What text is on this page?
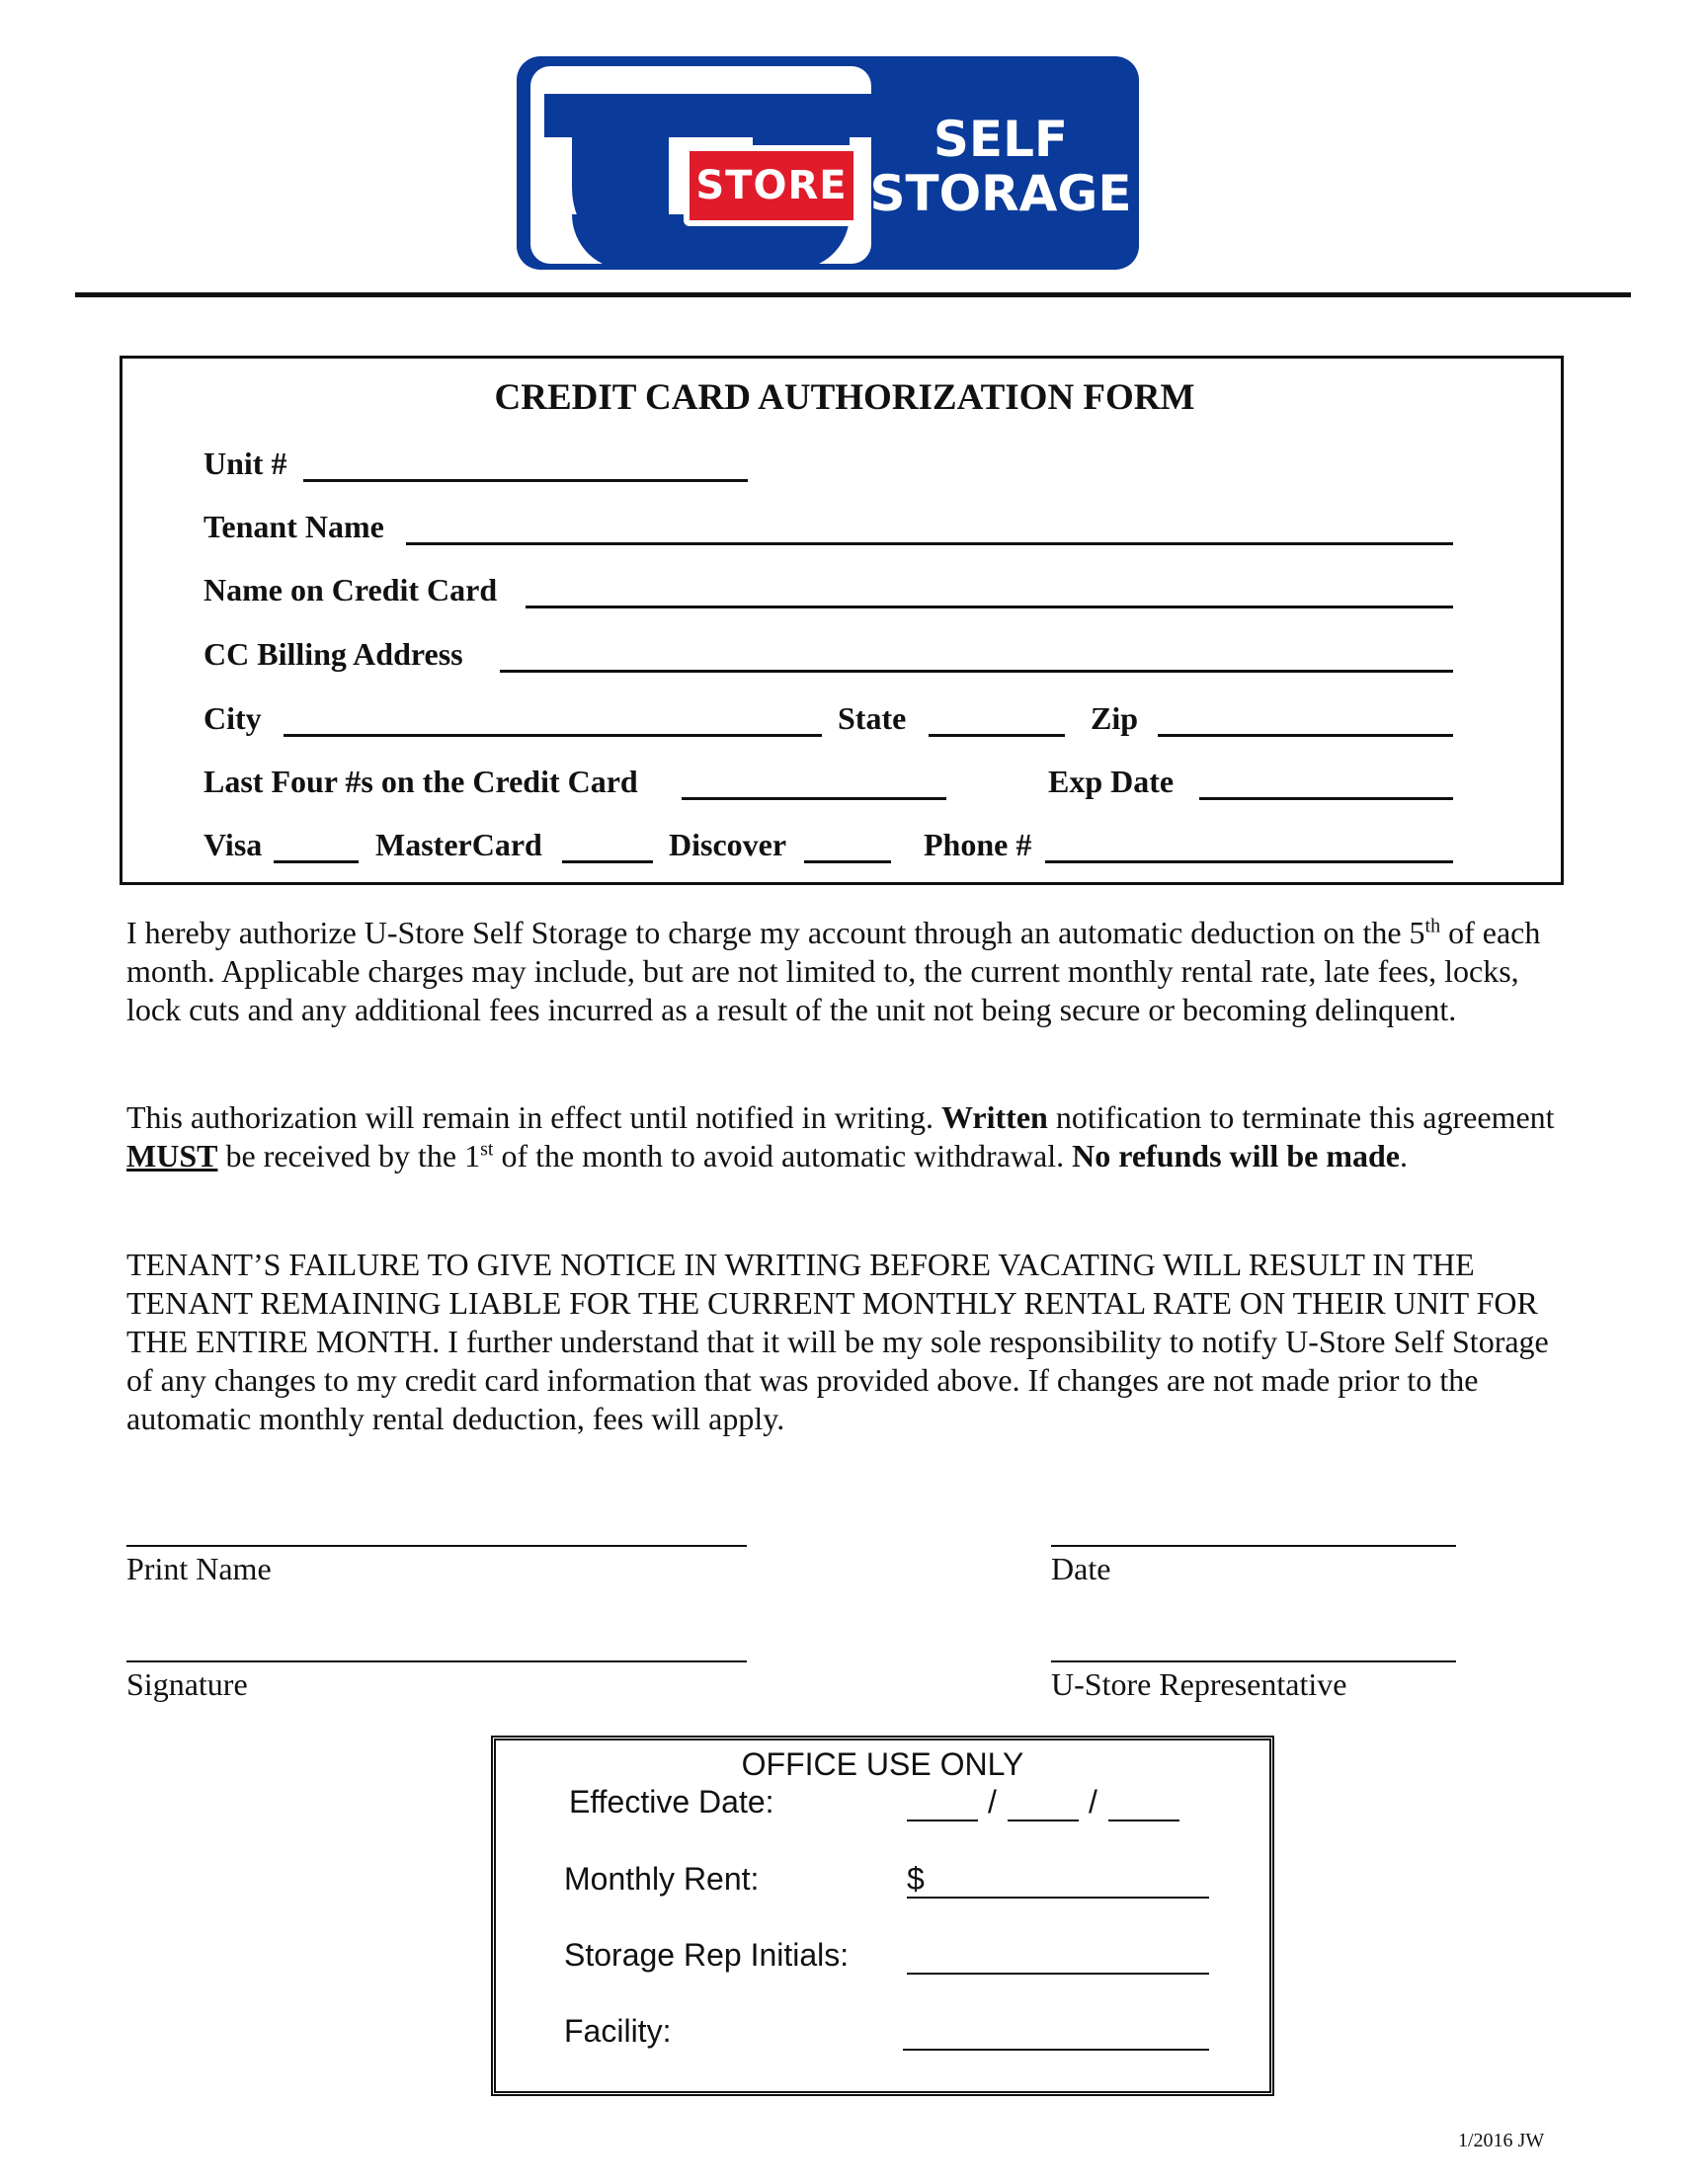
STORE
SELF
STORAGE
CREDIT CARD AUTHORIZATION FORM
Unit #
Tenant Name
Name on Credit Card
CC Billing Address
City	State	Zip
Last Four #s on the Credit Card	Exp Date
Visa	MasterCard	Discover	Phone #
I hereby authorize U-Store Self Storage to charge my account through an automatic deduction on the 5th of each month. Applicable charges may include, but are not limited to, the current monthly rental rate, late fees, locks, lock cuts and any additional fees incurred as a result of the unit not being secure or becoming delinquent.
This authorization will remain in effect until notified in writing. Written notification to terminate this agreement MUST be received by the 1st of the month to avoid automatic withdrawal. No refunds will be made.
TENANT’S FAILURE TO GIVE NOTICE IN WRITING BEFORE VACATING WILL RESULT IN THE TENANT REMAINING LIABLE FOR THE CURRENT MONTHLY RENTAL RATE ON THEIR UNIT FOR THE ENTIRE MONTH. I further understand that it will be my sole responsibility to notify U-Store Self Storage of any changes to my credit card information that was provided above. If changes are not made prior to the automatic monthly rental deduction, fees will apply.
Print Name	Date
Signature	U-Store Representative
OFFICE USE ONLY
Effective Date:	/	/
Monthly Rent:	$
Storage Rep Initials:
Facility:
1/2016 JW
